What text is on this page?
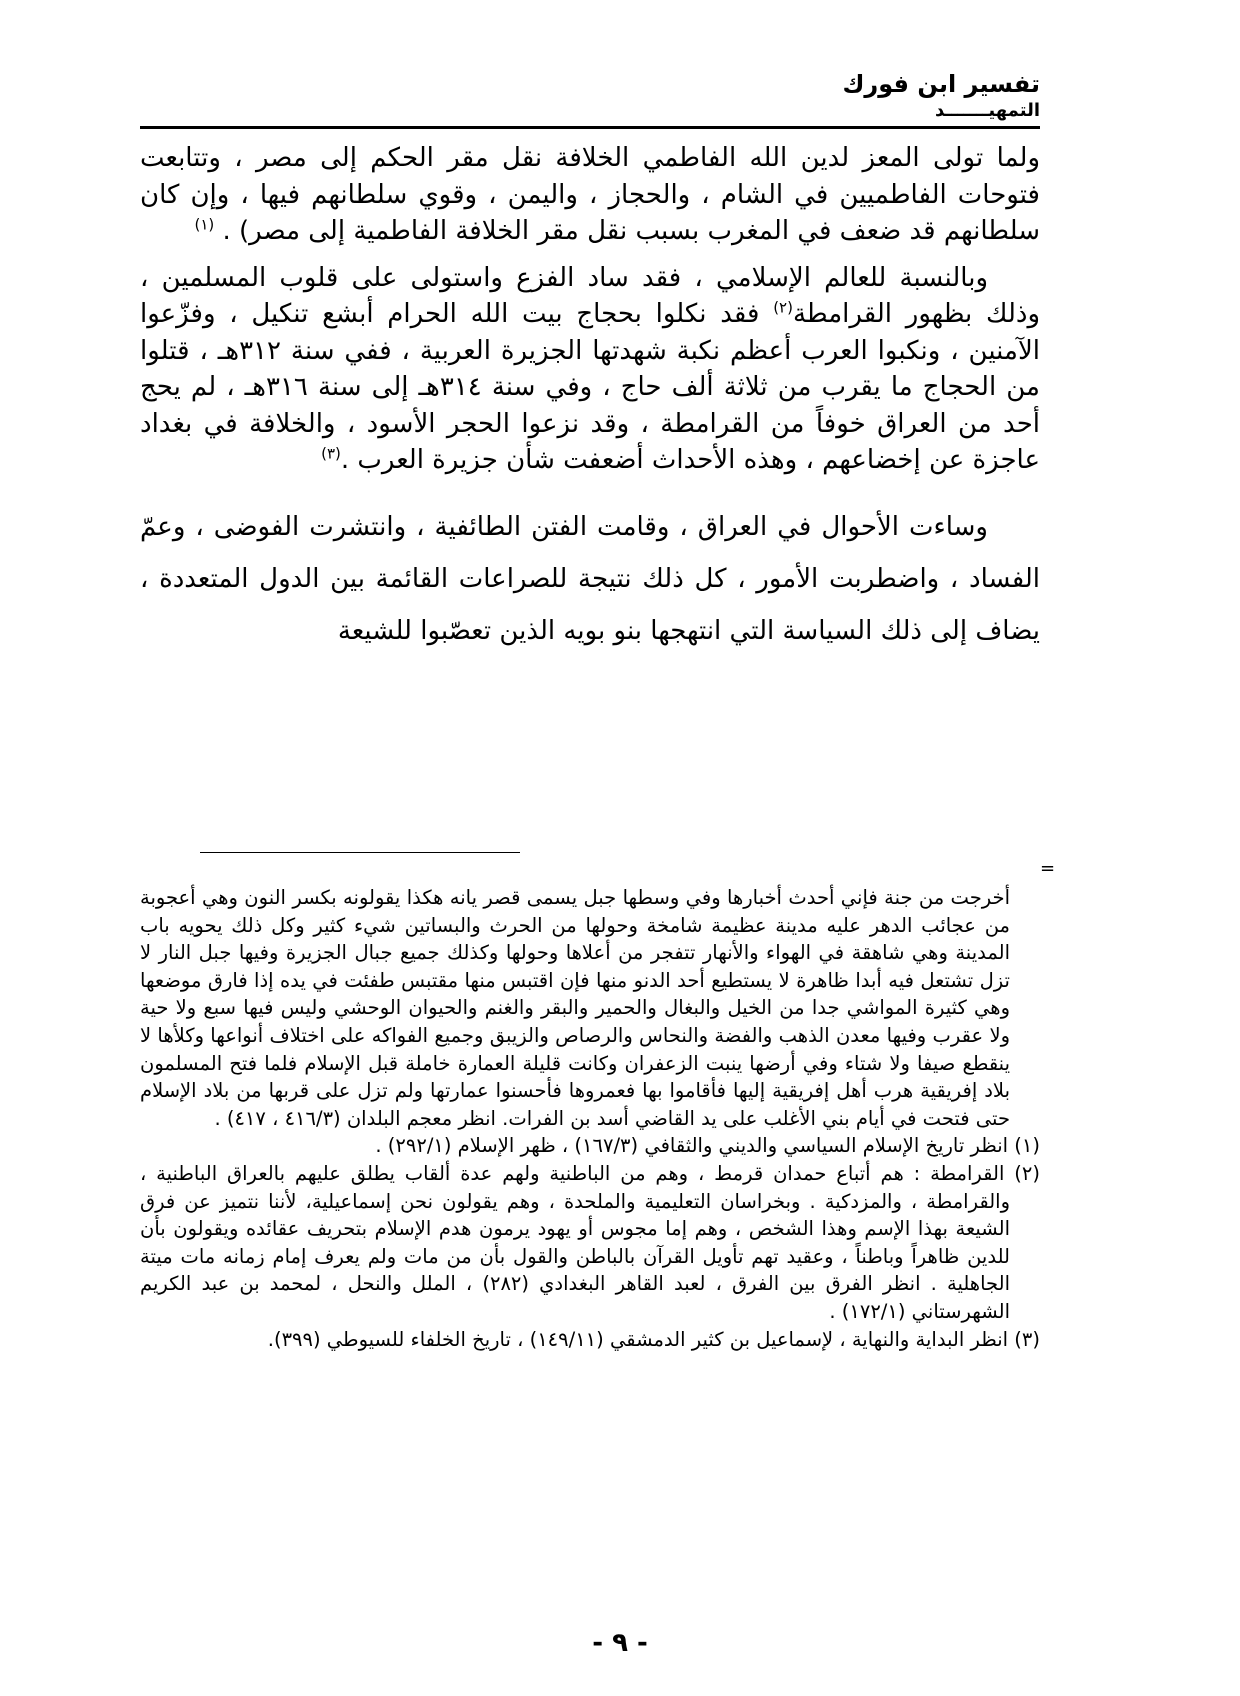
تفسير ابن فورك
التمهيـــــــد

ولما تولى المعز لدين الله الفاطمي الخلافة نقل مقر الحكم إلى مصر ، وتتابعت فتوحات الفاطميين في الشام ، والحجاز ، واليمن ، وقوي سلطانهم فيها ، وإن كان سلطانهم قد ضعف في المغرب بسبب نقل مقر الخلافة الفاطمية إلى مصر) . $^{(١)}$

وبالنسبة للعالم الإسلامي ، فقد ساد الفزع واستولى على قلوب المسلمين ، وذلك بظهور القرامطة$^{(٢)}$ فقد نكلوا بحجاج بيت الله الحرام أبشع تنكيل ، وفزّعوا الآمنين ، ونكبوا العرب أعظم نكبة شهدتها الجزيرة العربية ، ففي سنة ٣١٢هـ ، قتلوا من الحجاج ما يقرب من ثلاثة ألف حاج ، وفي سنة ٣١٤هـ إلى سنة ٣١٦هـ ، لم يحج أحد من العراق خوفاً من القرامطة ، وقد نزعوا الحجر الأسود ، والخلافة في بغداد عاجزة عن إخضاعهم ، وهذه الأحداث أضعفت شأن جزيرة العرب .$^{(٣)}$

وساءت الأحوال في العراق ، وقامت الفتن الطائفية ، وانتشرت الفوضى ، وعمّ الفساد ، واضطربت الأمور ، كل ذلك نتيجة للصراعات القائمة بين الدول المتعددة ، يضاف إلى ذلك السياسة التي انتهجها بنو بويه الذين تعصّبوا للشيعة

=

أخرجت من جنة فإني أحدث أخبارها وفي وسطها جبل يسمى قصر يانه هكذا يقولونه بكسر النون وهي أعجوبة من عجائب الدهر عليه مدينة عظيمة شامخة وحولها من الحرث والبساتين شيء كثير وكل ذلك يحويه باب المدينة وهي شاهقة في الهواء والأنهار تتفجر من أعلاها وحولها وكذلك جميع جبال الجزيرة وفيها جبل النار لا تزل تشتعل فيه أبدا ظاهرة لا يستطيع أحد الدنو منها فإن اقتبس منها مقتبس طفئت في يده إذا فارق موضعها وهي كثيرة المواشي جدا من الخيل والبغال والحمير والبقر والغنم والحيوان الوحشي وليس فيها سبع ولا حية ولا عقرب وفيها معدن الذهب والفضة والنحاس والرصاص والزيبق وجميع الفواكه على اختلاف أنواعها وكلأها لا ينقطع صيفا ولا شتاء وفي أرضها ينبت الزعفران وكانت قليلة العمارة خاملة قبل الإسلام فلما فتح المسلمون بلاد إفريقية هرب أهل إفريقية إليها فأقاموا بها فعمروها فأحسنوا عمارتها ولم تزل على قربها من بلاد الإسلام حتى فتحت في أيام بني الأغلب على يد القاضي أسد بن الفرات. انظر معجم البلدان (٤١٦/٣ ، ٤١٧) .

(١) انظر تاريخ الإسلام السياسي والديني والثقافي (١٦٧/٣) ، ظهر الإسلام (٢٩٢/١) .

(٢) القرامطة : هم أتباع حمدان قرمط ، وهم من الباطنية ولهم عدة ألقاب يطلق عليهم بالعراق الباطنية ، والقرامطة ، والمزدكية . وبخراسان التعليمية والملحدة ، وهم يقولون نحن إسماعيلية، لأننا نتميز عن فرق الشيعة بهذا الإسم وهذا الشخص ، وهم إما مجوس أو يهود يرمون هدم الإسلام بتحريف عقائده ويقولون بأن للدين ظاهراً وباطناً ، وعقيد تهم تأويل القرآن بالباطن والقول بأن من مات ولم يعرف إمام زمانه مات ميتة الجاهلية . انظر الفرق بين الفرق ، لعبد القاهر البغدادي (٢٨٢) ، الملل والنحل ، لمحمد بن عبد الكريم الشهرستاني (١٧٢/١) .

(٣) انظر البداية والنهاية ، لإسماعيل بن كثير الدمشقي (١٤٩/١١) ، تاريخ الخلفاء للسيوطي (٣٩٩).

- ٩ -
